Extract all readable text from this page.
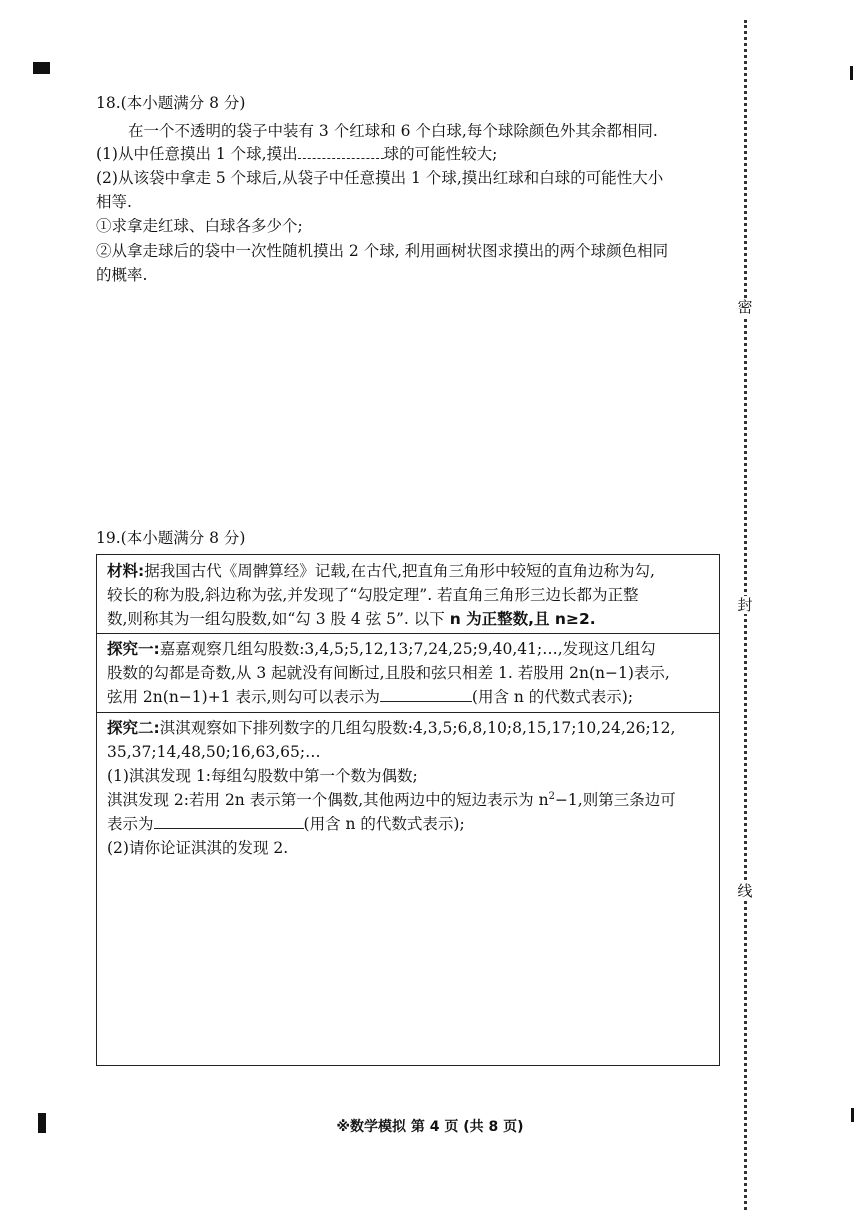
密
封
线
18.(本小题满分 8 分)
在一个不透明的袋子中装有 3 个红球和 6 个白球,每个球除颜色外其余都相同.
(1)从中任意摸出 1 个球,摸出	球的可能性较大;
(2)从该袋中拿走 5 个球后,从袋子中任意摸出 1 个球,摸出红球和白球的可能性大小
相等.
①求拿走红球、白球各多少个;
②从拿走球后的袋中一次性随机摸出 2 个球, 利用画树状图求摸出的两个球颜色相同
的概率.
19.(本小题满分 8 分)
材料:据我国古代《周髀算经》记载,在古代,把直角三角形中较短的直角边称为勾,
较长的称为股,斜边称为弦,并发现了“勾股定理”. 若直角三角形三边长都为正整
数,则称其为一组勾股数,如“勾 3 股 4 弦 5”. 以下 n 为正整数,且 n≥2.
探究一:嘉嘉观察几组勾股数:3,4,5;5,12,13;7,24,25;9,40,41;…,发现这几组勾
股数的勾都是奇数,从 3 起就没有间断过,且股和弦只相差 1. 若股用 2n(n−1)表示,
弦用 2n(n−1)+1 表示,则勾可以表示为	(用含 n 的代数式表示);
探究二:淇淇观察如下排列数字的几组勾股数:4,3,5;6,8,10;8,15,17;10,24,26;12,
35,37;14,48,50;16,63,65;…
(1)淇淇发现 1:每组勾股数中第一个数为偶数;
淇淇发现 2:若用 2n 表示第一个偶数,其他两边中的短边表示为 $n^2-1$,则第三条边可
表示为	(用含 n 的代数式表示);
(2)请你论证淇淇的发现 2.
※数学模拟 第 4 页 (共 8 页)
